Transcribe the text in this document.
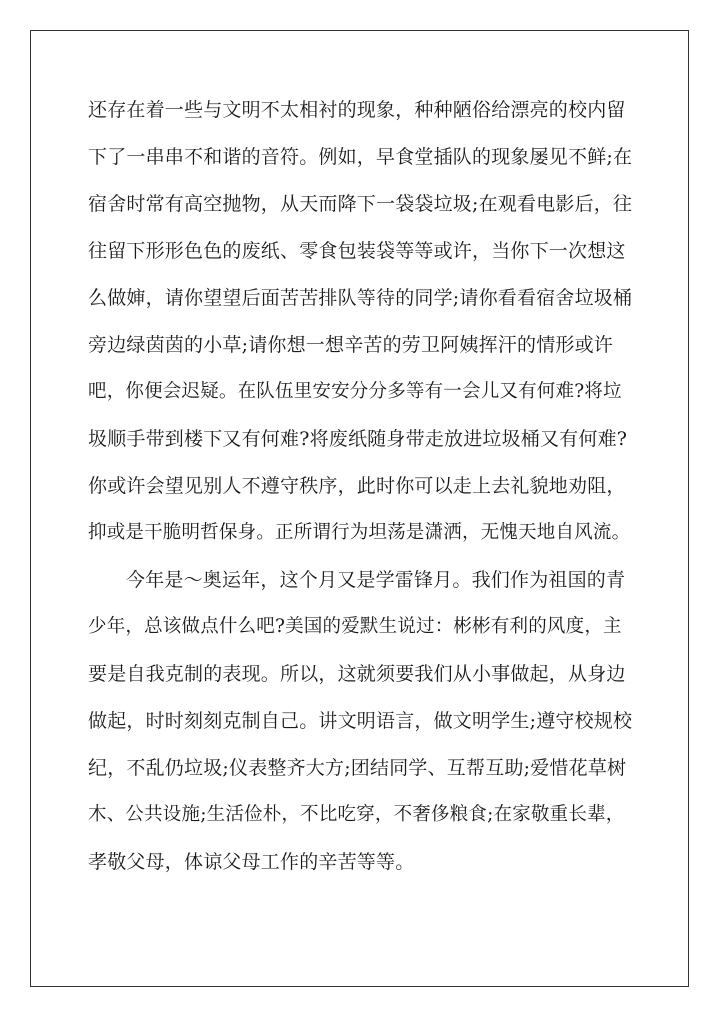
还存在着一些与文明不太相衬的现象，种种陋俗给漂亮的校内留

下了一串串不和谐的音符。例如，早食堂插队的现象屡见不鲜;在

宿舍时常有高空抛物，从天而降下一袋袋垃圾;在观看电影后，往

往留下形形色色的废纸、零食包装袋等等或许，当你下一次想这

么做婶，请你望望后面苦苦排队等待的同学;请你看看宿舍垃圾桶

旁边绿茵茵的小草;请你想一想辛苦的劳卫阿姨挥汗的情形或许

吧，你便会迟疑。在队伍里安安分分多等有一会儿又有何难?将垃

圾顺手带到楼下又有何难?将废纸随身带走放进垃圾桶又有何难?

你或许会望见别人不遵守秩序，此时你可以走上去礼貌地劝阻，

抑或是干脆明哲保身。正所谓行为坦荡是潇洒，无愧天地自风流。

今年是～奥运年，这个月又是学雷锋月。我们作为祖国的青

少年，总该做点什么吧?美国的爱默生说过：彬彬有利的风度，主

要是自我克制的表现。所以，这就须要我们从小事做起，从身边

做起，时时刻刻克制自己。讲文明语言，做文明学生;遵守校规校

纪，不乱仍垃圾;仪表整齐大方;团结同学、互帮互助;爱惜花草树

木、公共设施;生活俭朴，不比吃穿，不奢侈粮食;在家敬重长辈，

孝敬父母，体谅父母工作的辛苦等等。
